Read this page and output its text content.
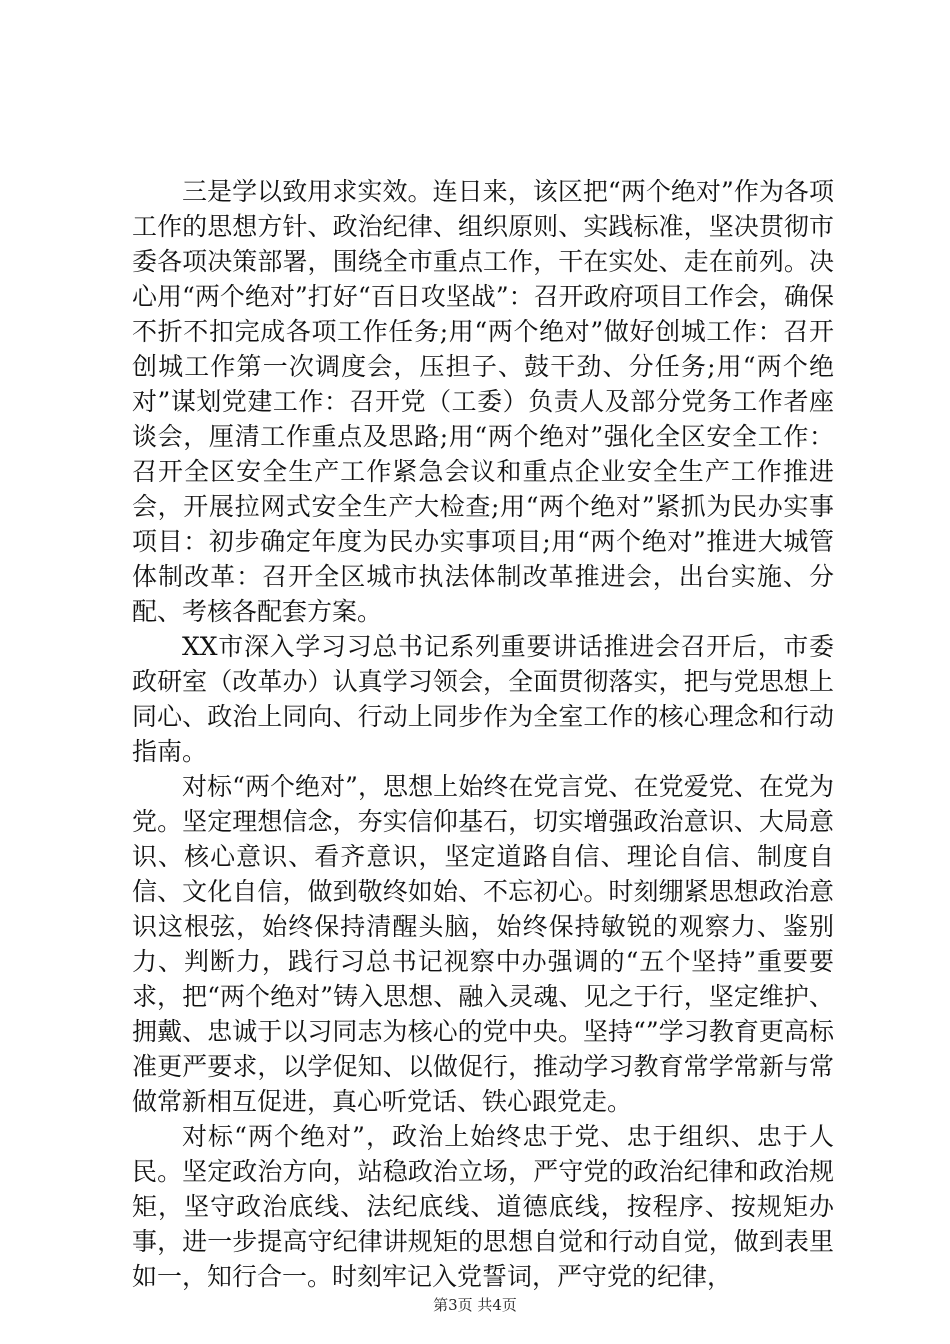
三是学以致用求实效。连日来，该区把“两个绝对”作为各项工作的思想方针、政治纪律、组织原则、实践标准，坚决贯彻市委各项决策部署，围绕全市重点工作，干在实处、走在前列。决心用“两个绝对”打好“百日攻坚战”：召开政府项目工作会，确保不折不扣完成各项工作任务;用“两个绝对”做好创城工作：召开创城工作第一次调度会，压担子、鼓干劲、分任务;用“两个绝对”谋划党建工作：召开党（工委）负责人及部分党务工作者座谈会，厘清工作重点及思路;用“两个绝对”强化全区安全工作：召开全区安全生产工作紧急会议和重点企业安全生产工作推进会，开展拉网式安全生产大检查;用“两个绝对”紧抓为民办实事项目：初步确定年度为民办实事项目;用“两个绝对”推进大城管体制改革：召开全区城市执法体制改革推进会，出台实施、分配、考核各配套方案。

XX市深入学习习总书记系列重要讲话推进会召开后，市委政研室（改革办）认真学习领会，全面贯彻落实，把与党思想上同心、政治上同向、行动上同步作为全室工作的核心理念和行动指南。

对标“两个绝对”，思想上始终在党言党、在党爱党、在党为党。坚定理想信念，夯实信仰基石，切实增强政治意识、大局意识、核心意识、看齐意识，坚定道路自信、理论自信、制度自信、文化自信，做到敬终如始、不忘初心。时刻绷紧思想政治意识这根弦，始终保持清醒头脑，始终保持敏锐的观察力、鉴别力、判断力，践行习总书记视察中办强调的“五个坚持”重要要求，把“两个绝对”铸入思想、融入灵魂、见之于行，坚定维护、拥戴、忠诚于以习同志为核心的党中央。坚持“”学习教育更高标准更严要求，以学促知、以做促行，推动学习教育常学常新与常做常新相互促进，真心听党话、铁心跟党走。

对标“两个绝对”，政治上始终忠于党、忠于组织、忠于人民。坚定政治方向，站稳政治立场，严守党的政治纪律和政治规矩，坚守政治底线、法纪底线、道德底线，按程序、按规矩办事，进一步提高守纪律讲规矩的思想自觉和行动自觉，做到表里如一，知行合一。时刻牢记入党誓词，严守党的纪律，

第3页 共4页
